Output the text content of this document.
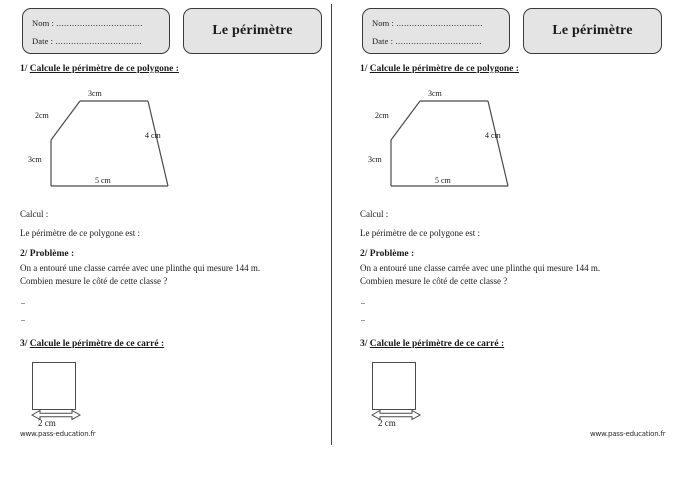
Nom : .................................
Date : .................................
Le périmètre
1/ Calcule le périmètre de ce polygone :
3cm
2cm
4 cm
3cm
5 cm
Calcul :
Le périmètre de ce polygone est :
2/ Problème :
On a entouré une classe carrée avec une plinthe qui mesure 144 m.
Combien mesure le côté de cette classe ?
3/ Calcule le périmètre de ce carré :
2 cm
www.pass-education.fr
Nom : .................................
Date : .................................
Le périmètre
1/ Calcule le périmètre de ce polygone :
3cm
2cm
4 cm
3cm
5 cm
Calcul :
Le périmètre de ce polygone est :
2/ Problème :
On a entouré une classe carrée avec une plinthe qui mesure 144 m.
Combien mesure le côté de cette classe ?
3/ Calcule le périmètre de ce carré :
2 cm
www.pass-education.fr
